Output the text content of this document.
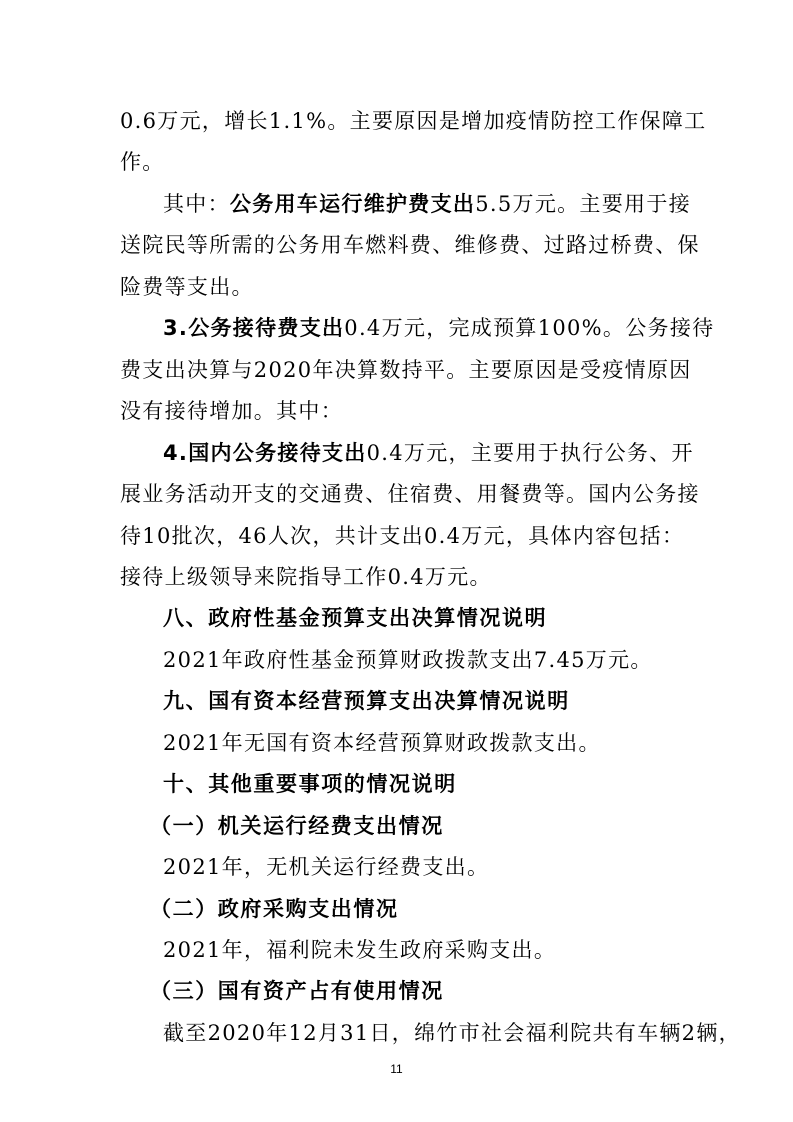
0.6万元，增长1.1%。主要原因是增加疫情防控工作保障工
作。
其中：公务用车运行维护费支出5.5万元。主要用于接
送院民等所需的公务用车燃料费、维修费、过路过桥费、保
险费等支出。
3.公务接待费支出0.4万元，完成预算100%。公务接待
费支出决算与2020年决算数持平。主要原因是受疫情原因
没有接待增加。其中：
4.国内公务接待支出0.4万元，主要用于执行公务、开
展业务活动开支的交通费、住宿费、用餐费等。国内公务接
待10批次，46人次，共计支出0.4万元，具体内容包括：
接待上级领导来院指导工作0.4万元。
八、政府性基金预算支出决算情况说明
2021年政府性基金预算财政拨款支出7.45万元。
九、国有资本经营预算支出决算情况说明
2021年无国有资本经营预算财政拨款支出。
十、其他重要事项的情况说明
（一）机关运行经费支出情况
2021年，无机关运行经费支出。
（二）政府采购支出情况
2021年，福利院未发生政府采购支出。
（三）国有资产占有使用情况
截至2020年12月31日，绵竹市社会福利院共有车辆2辆，
11
